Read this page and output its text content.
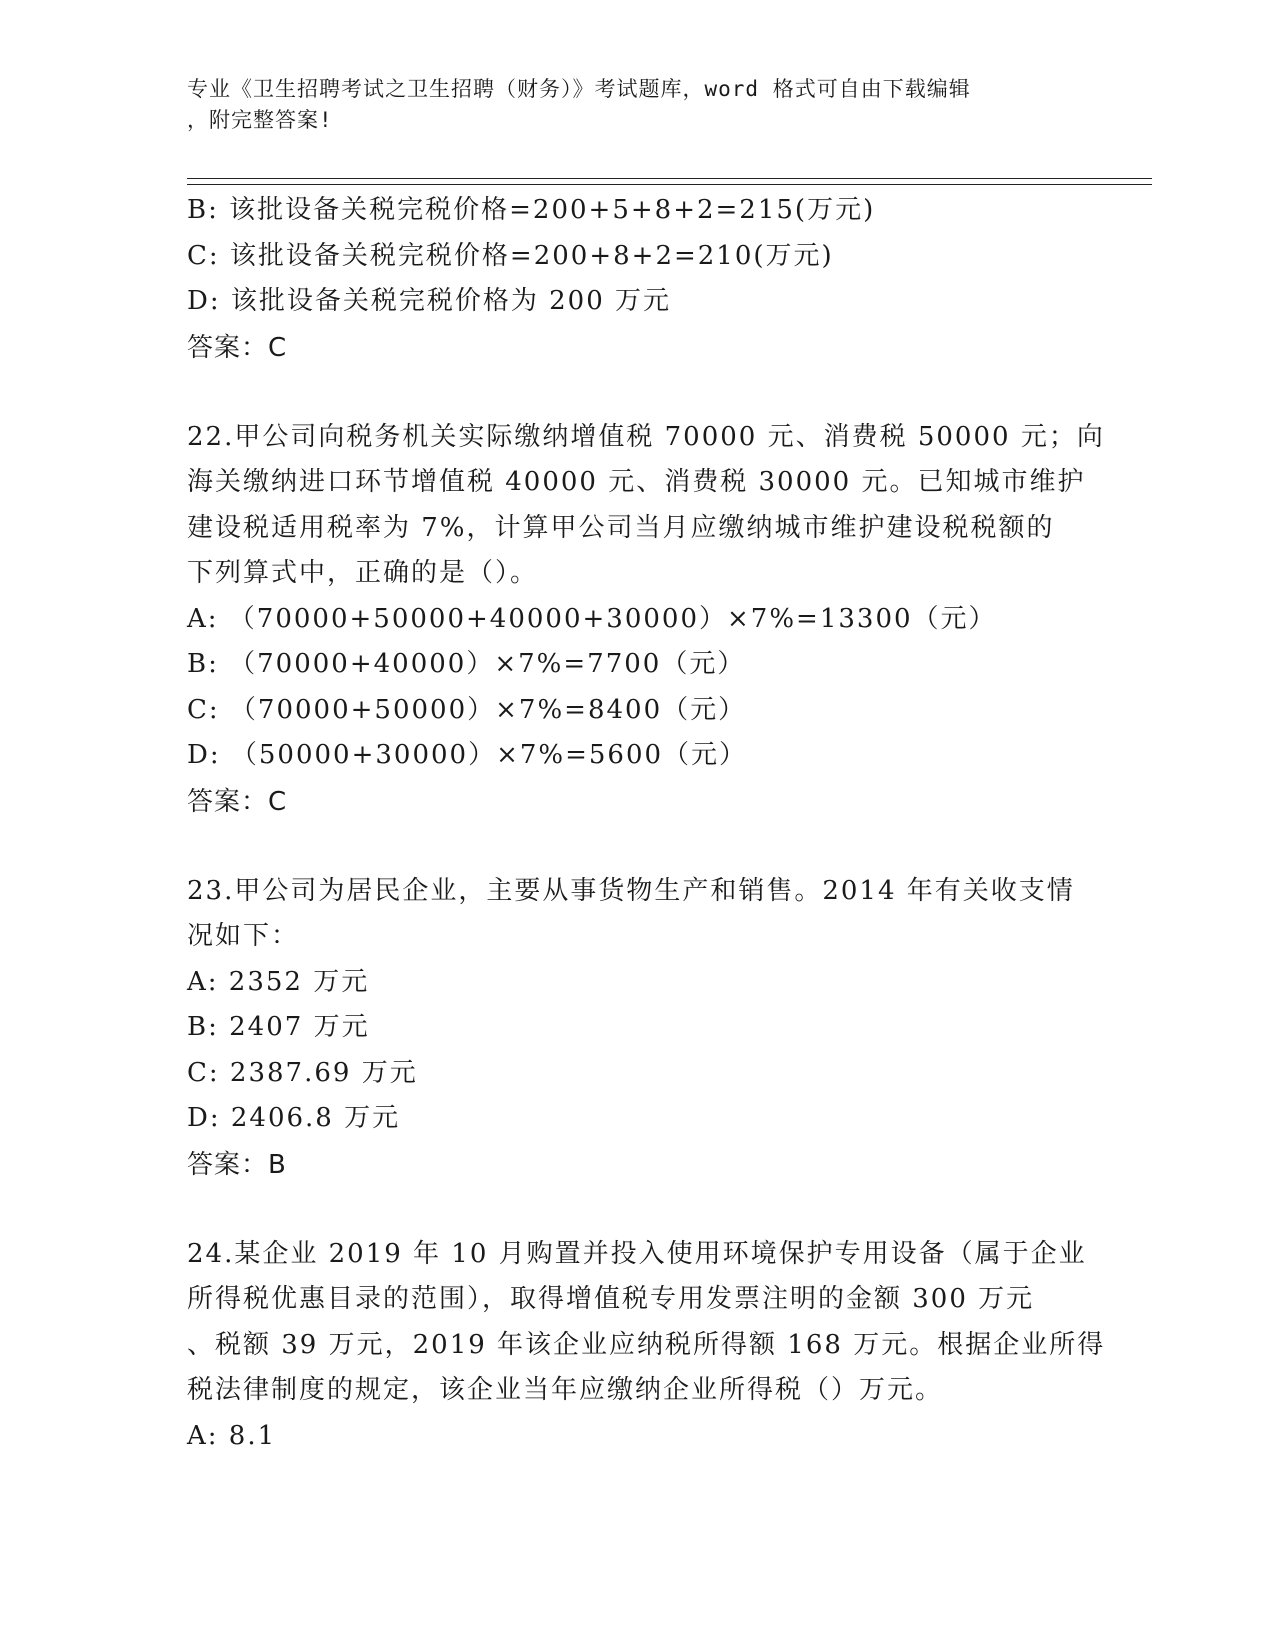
专业《卫生招聘考试之卫生招聘（财务）》考试题库，word 格式可自由下载编辑
，附完整答案!
B: 该批设备关税完税价格=200+5+8+2=215(万元)
C: 该批设备关税完税价格=200+8+2=210(万元)
D: 该批设备关税完税价格为 200 万元
答案：C
22.甲公司向税务机关实际缴纳增值税 70000 元、消费税 50000 元；向
海关缴纳进口环节增值税 40000 元、消费税 30000 元。已知城市维护
建设税适用税率为 7%，计算甲公司当月应缴纳城市维护建设税税额的
下列算式中，正确的是（）。
A: （70000+50000+40000+30000）×7%=13300（元）
B: （70000+40000）×7%=7700（元）
C: （70000+50000）×7%=8400（元）
D: （50000+30000）×7%=5600（元）
答案：C
23.甲公司为居民企业，主要从事货物生产和销售。2014 年有关收支情
况如下：
A: 2352 万元
B: 2407 万元
C: 2387.69 万元
D: 2406.8 万元
答案：B
24.某企业 2019 年 10 月购置并投入使用环境保护专用设备（属于企业
所得税优惠目录的范围），取得增值税专用发票注明的金额 300 万元
、税额 39 万元，2019 年该企业应纳税所得额 168 万元。根据企业所得
税法律制度的规定，该企业当年应缴纳企业所得税（）万元。
A: 8.1
